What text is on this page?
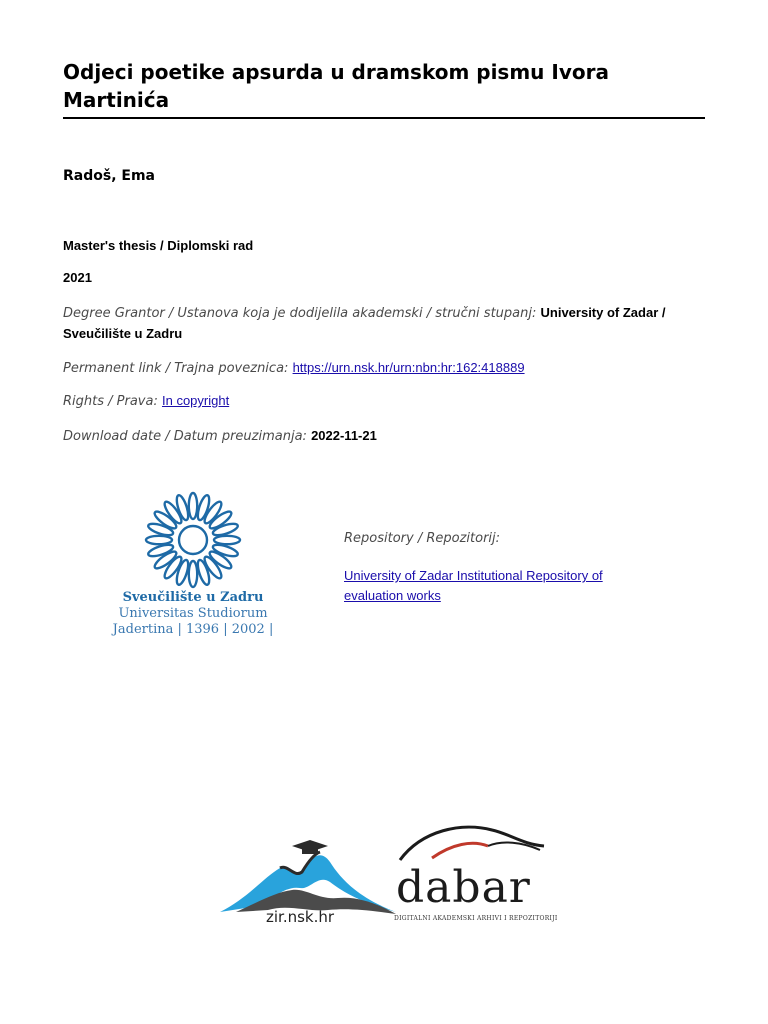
Odjeci poetike apsurda u dramskom pismu Ivora Martinića
Radoš, Ema
Master's thesis / Diplomski rad
2021
Degree Grantor / Ustanova koja je dodijelila akademski / stručni stupanj: University of Zadar / Sveučilište u Zadru
Permanent link / Trajna poveznica: https://urn.nsk.hr/urn:nbn:hr:162:418889
Rights / Prava: In copyright
Download date / Datum preuzimanja: 2022-11-21
Sveučilište u Zadru
Universitas Studiorum
Jadertina | 1396 | 2002 |
Repository / Repozitorij:
University of Zadar Institutional Repository of evaluation works
zir.nsk.hr
dabar
DIGITALNI AKADEMSKI ARHIVI I REPOZITORIJI
